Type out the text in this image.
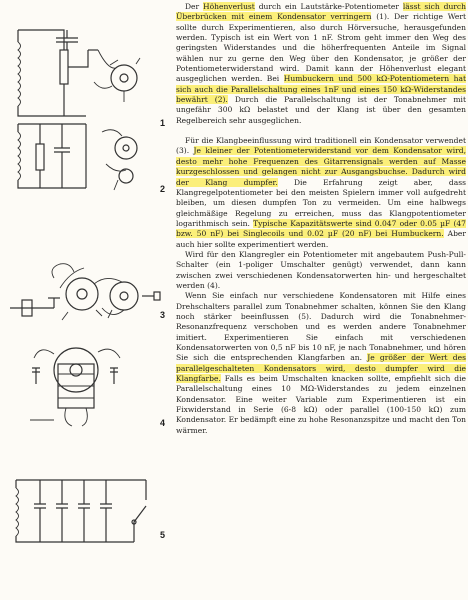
1
2
3
4
5

Der Höhenverlust durch ein Lautstärke-Potentiometer lässt sich durch Überbrücken mit einem Kondensator verringern (1). Der richtige Wert sollte durch Experimentieren, also durch Hörversuche, herausgefunden werden. Typisch ist ein Wert von 1 nF. Strom geht immer den Weg des geringsten Widerstandes und die höherfrequenten Anteile im Signal wählen nur zu gerne den Weg über den Kondensator, je größer der Potentiometerwiderstand wird. Damit kann der Höhenverlust elegant ausgeglichen werden. Bei Humbuckern und 500 kΩ-Potentiometern hat sich auch die Parallelschaltung eines 1nF und eines 150 kΩ-Widerstandes bewährt (2). Durch die Parallelschaltung ist der Tonabnehmer mit ungefähr 300 kΩ belastet und der Klang ist über den gesamten Regelbereich sehr ausgeglichen.

Für die Klangbeeinflussung wird traditionell ein Kondensator verwendet (3). Je kleiner der Potentiometerwiderstand vor dem Kondensator wird, desto mehr hohe Frequenzen des Gitarrensignals werden auf Masse kurzgeschlossen und gelangen nicht zur Ausgangsbuchse. Dadurch wird der Klang dumpfer. Die Erfahrung zeigt aber, dass Klangregelpotentiometer bei den meisten Spielern immer voll aufgedreht bleiben, um diesen dumpfen Ton zu vermeiden. Um eine halbwegs gleichmäßige Regelung zu erreichen, muss das Klangpotentiometer logarithmisch sein. Typische Kapazitätswerte sind 0.047 oder 0.05 µF (47 bzw. 50 nF) bei Singlecoils und 0.02 µF (20 nF) bei Humbuckern. Aber auch hier sollte experimentiert werden.

Wird für den Klangregler ein Potentiometer mit angebautem Push-Pull-Schalter (ein 1-poliger Umschalter genügt) verwendet, dann kann zwischen zwei verschiedenen Kondensatorwerten hin- und hergeschaltet werden (4).

Wenn Sie einfach nur verschiedene Kondensatoren mit Hilfe eines Drehschalters parallel zum Tonabnehmer schalten, können Sie den Klang noch stärker beeinflussen (5). Dadurch wird die Tonabnehmer-Resonanzfrequenz verschoben und es werden andere Tonabnehmer imitiert. Experimentieren Sie einfach mit verschiedenen Kondensatorwerten von 0,5 nF bis 10 nF, je nach Tonabnehmer, und hören Sie sich die entsprechenden Klangfarben an. Je größer der Wert des parallelgeschalteten Kondensators wird, desto dumpfer wird die Klangfarbe. Falls es beim Umschalten knacken sollte, empfiehlt sich die Parallelschaltung eines 10 MΩ-Widerstandes zu jedem einzelnen Kondensator. Eine weiter Variable zum Experimentieren ist ein Fixwiderstand in Serie (6-8 kΩ) oder parallel (100-150 kΩ) zum Kondensator. Er bedämpft eine zu hohe Resonanzspitze und macht den Ton wärmer.
